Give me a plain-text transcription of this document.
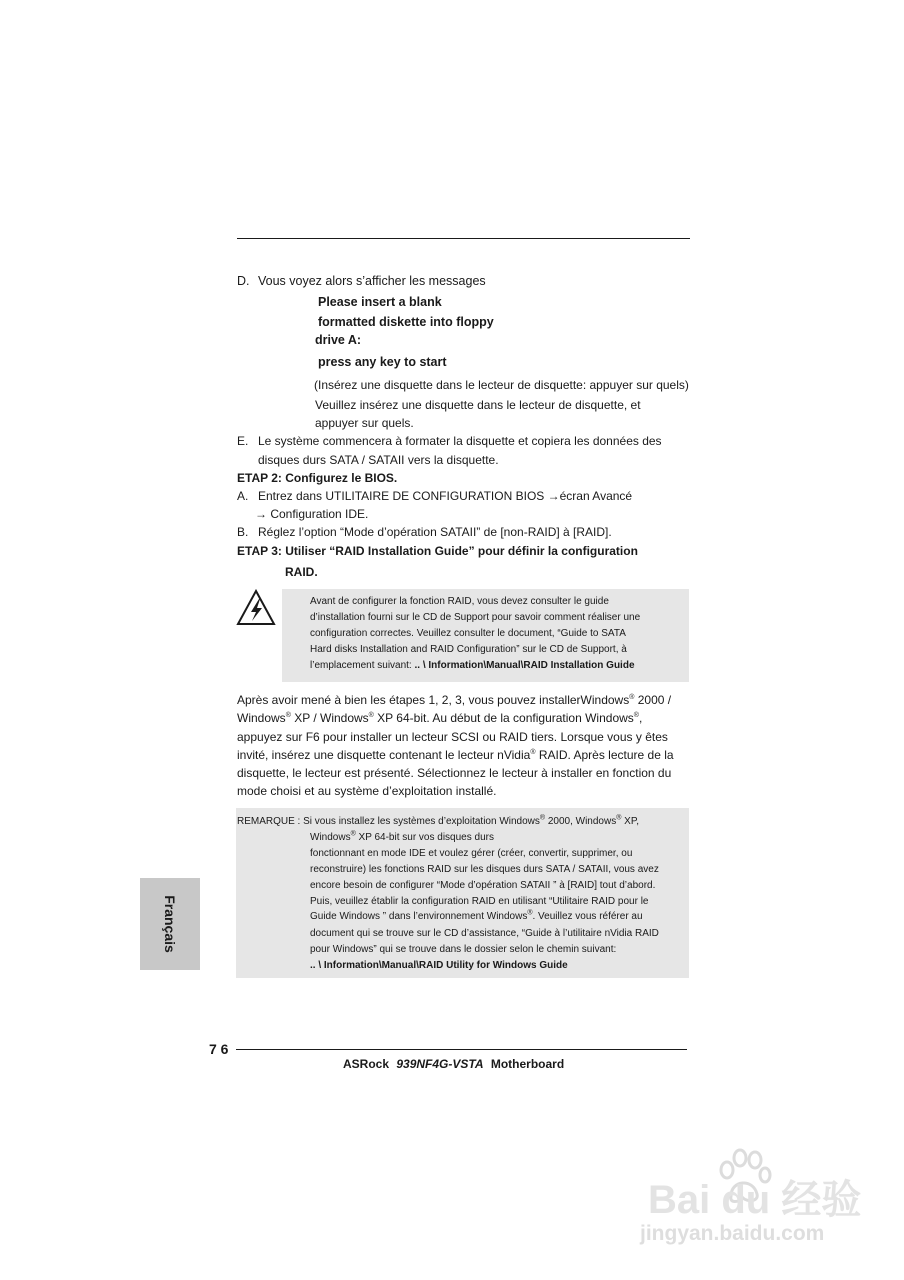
D. Vous voyez alors s’afficher les messages
Please insert a blank
formatted diskette into floppy
drive A:
press any key to start
(Insérez une disquette dans le lecteur de disquette: appuyer sur quels)
Veuillez insérez une disquette dans le lecteur de disquette, et
appuyer sur quels.
E. Le système commencera à formater la disquette et copiera les données des
disques durs SATA / SATAII vers la disquette.
ETAP 2: Configurez le BIOS.
A. Entrez dans UTILITAIRE DE CONFIGURATION BIOS →écran Avancé
→ Configuration IDE.
B. Réglez l’option “Mode d’opération SATAII” de [non-RAID] à [RAID].
ETAP 3: Utiliser “RAID Installation Guide” pour définir la configuration
RAID.
Avant de configurer la fonction RAID, vous devez consulter le guide
d’installation fourni sur le CD de Support pour savoir comment réaliser une
configuration correctes. Veuillez consulter le document, “Guide to SATA
Hard disks Installation and RAID Configuration” sur le CD de Support, à
l’emplacement suivant: .. \ Information\Manual\RAID Installation Guide
Après avoir mené à bien les étapes 1, 2, 3, vous pouvez installerWindows® 2000 /
Windows® XP / Windows® XP 64-bit. Au début de la configuration Windows®,
appuyez sur F6 pour installer un lecteur SCSI ou RAID tiers. Lorsque vous y êtes
invité, insérez une disquette contenant le lecteur nVidia® RAID. Après lecture de la
disquette, le lecteur est présenté. Sélectionnez le lecteur à installer en fonction du
mode choisi et au système d’exploitation installé.
REMARQUE : Si vous installez les systèmes d’exploitation Windows® 2000, Windows® XP,
Windows® XP 64-bit sur vos disques durs
fonctionnant en mode IDE et voulez gérer (créer, convertir, supprimer, ou
reconstruire) les fonctions RAID sur les disques durs SATA / SATAII, vous avez
encore besoin de configurer “Mode d’opération SATAII ” à [RAID] tout d’abord.
Puis, veuillez établir la configuration RAID en utilisant “Utilitaire RAID pour le
Guide Windows ” dans l’environnement Windows®. Veuillez vous référer au
document qui se trouve sur le CD d’assistance, “Guide à l’utilitaire nVidia RAID
pour Windows” qui se trouve dans le dossier selon le chemin suivant:
.. \ Information\Manual\RAID Utility for Windows Guide
Français
7 6
ASRock 939NF4G-VSTA Motherboard
Bai du 经验
jingyan.baidu.com
